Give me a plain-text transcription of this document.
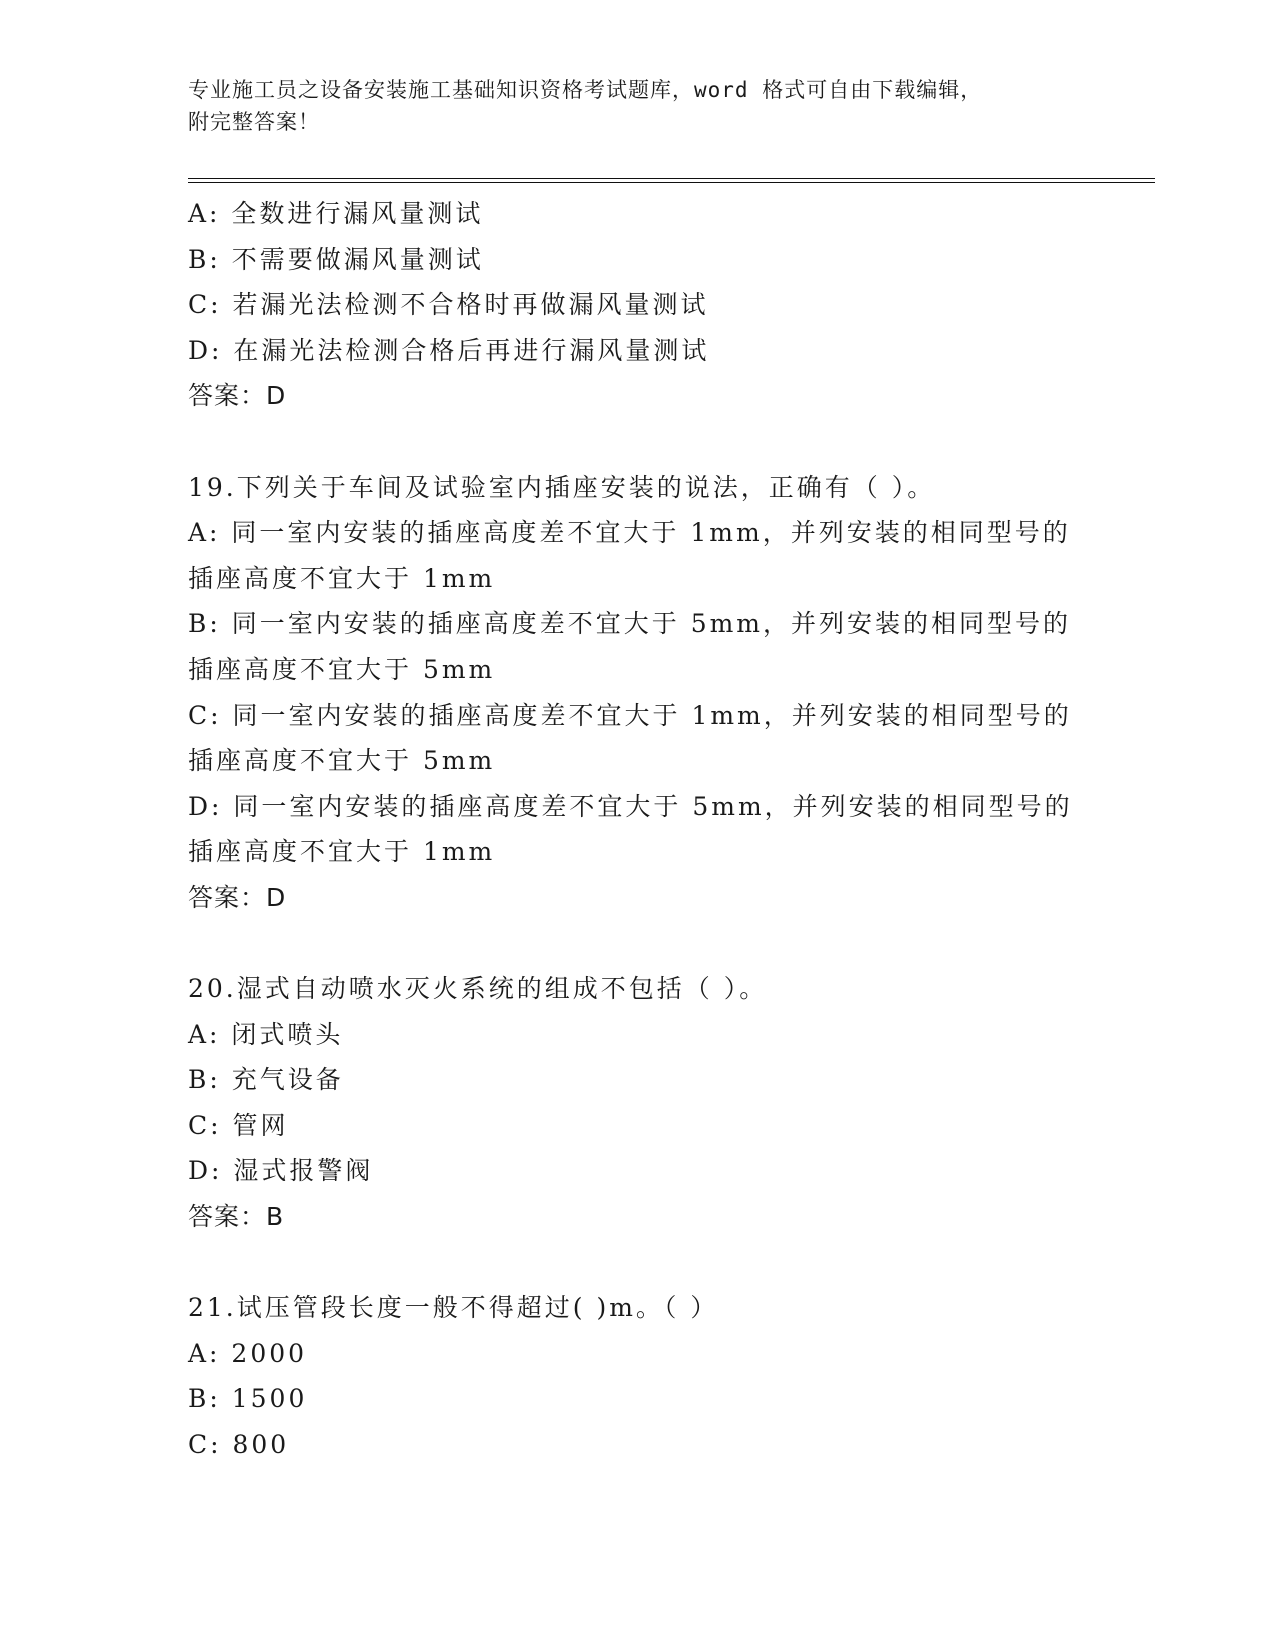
专业施工员之设备安装施工基础知识资格考试题库，word 格式可自由下载编辑，
附完整答案！
A: 全数进行漏风量测试
B: 不需要做漏风量测试
C: 若漏光法检测不合格时再做漏风量测试
D: 在漏光法检测合格后再进行漏风量测试
答案：D
19.下列关于车间及试验室内插座安装的说法，正确有（ ）。
A: 同一室内安装的插座高度差不宜大于 1mm，并列安装的相同型号的
插座高度不宜大于 1mm
B: 同一室内安装的插座高度差不宜大于 5mm，并列安装的相同型号的
插座高度不宜大于 5mm
C: 同一室内安装的插座高度差不宜大于 1mm，并列安装的相同型号的
插座高度不宜大于 5mm
D: 同一室内安装的插座高度差不宜大于 5mm，并列安装的相同型号的
插座高度不宜大于 1mm
答案：D
20.湿式自动喷水灭火系统的组成不包括（ ）。
A: 闭式喷头
B: 充气设备
C: 管网
D: 湿式报警阀
答案：B
21.试压管段长度一般不得超过( )m。（ ）
A: 2000
B: 1500
C: 800
